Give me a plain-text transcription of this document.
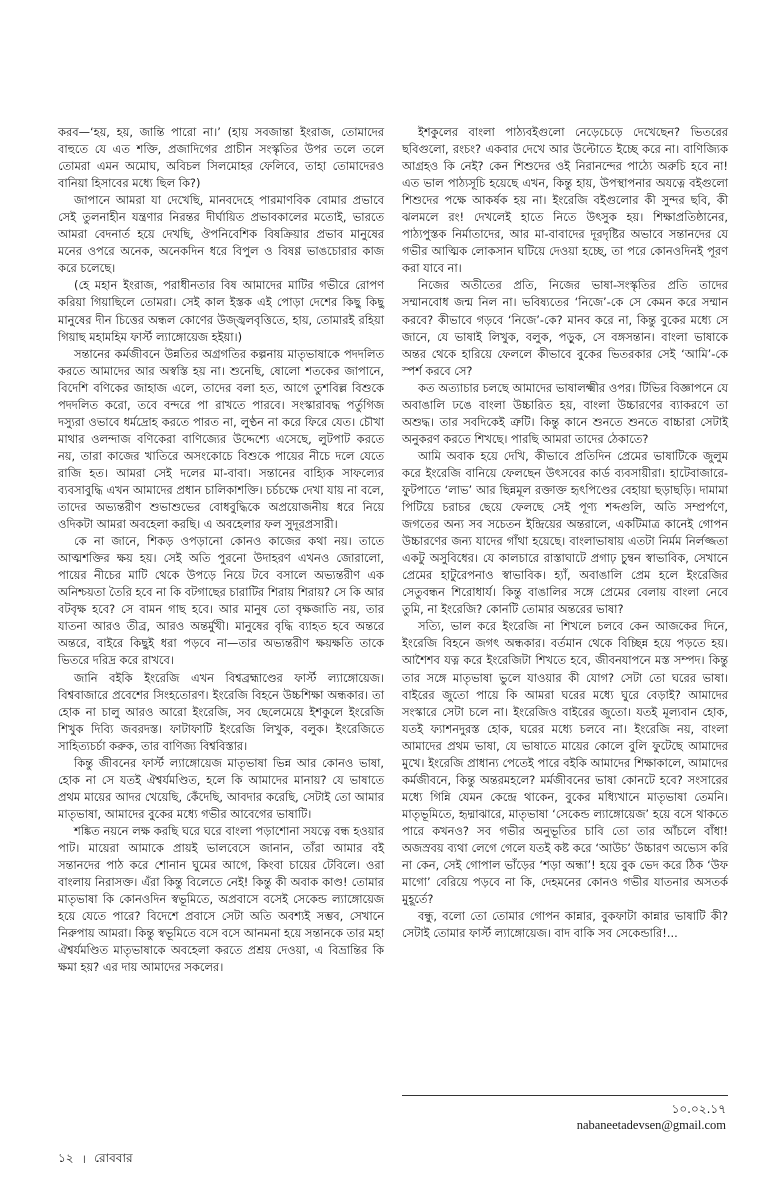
করব—‘হয়, হয়, জান্তি পারো না।’ (হায় সবজান্তা ইংরাজ, তোমাদের বাহুতে যে এত শক্তি, প্রজাদিগের প্রাচীন সংস্কৃতির উপর তলে তলে তোমরা এমন অমোঘ, অবিচল সিলমোহর ফেলিবে, তাহা তোমাদেরও বানিয়া হিসাবের মধ্যে ছিল কি?)

জাপানে আমরা যা দেখেছি, মানবদেহে পারমাণবিক বোমার প্রভাবে সেই তুলনাহীন যন্ত্রণার নিরন্তর দীর্ঘায়িত প্রভাবকালের মতোই, ভারতে আমরা বেদনার্ত হয়ে দেখছি, ঔপনিবেশিক বিষক্রিয়ার প্রভাব মানুষের মনের ওপরে অনেক, অনেকদিন ধরে বিপুল ও বিষণ্ণ ভাঙচোরার কাজ করে চলেছে।

(হে মহান ইংরাজ, পরাধীনতার বিষ আমাদের মাটির গভীরে রোপণ করিয়া গিয়াছিলে তোমরা। সেই কাল ইস্তক এই পোড়া দেশের কিছু কিছু মানুষের দীন চিত্তের অন্ধল কোণের উজ্জ্বলবৃত্তিতে, হায়, তোমারই রহিয়া গিয়াছ মহামহিম ফার্স্ট ল্যাঙ্গোয়েজ হইয়া।)

সন্তানের কর্মজীবনে উন্নতির অগ্রগতির কল্পনায় মাতৃভাষাকে পদদলিত করতে আমাদের আর অস্বস্তি হয় না। শুনেছি, ষোলো শতকের জাপানে, বিদেশি বণিকের জাহাজ এলে, তাদের বলা হত, আগে তুশবিল্ল বিশুকে পদদলিত করো, তবে বন্দরে পা রাখতে পারবে। সংস্কারাবদ্ধ পর্তুগিজ দস্যুরা ওভাবে ধর্মদ্রোহ করতে পারত না, লুণ্ঠন না করে ফিরে যেত। চৌখা মাথার ওলন্দাজ বণিকেরা বাণিজ্যের উদ্দেশ্যে এসেছে, লুটপাট করতে নয়, তারা কাজের খাতিরে অসংকোচে বিশুকে পায়ের নীচে দলে যেতে রাজি হত। আমরা সেই দলের মা-বাবা। সন্তানের বাহ্যিক সাফল্যের ব্যবসাবুদ্ধি এখন আমাদের প্রধান চালিকাশক্তি। চর্চচক্ষে দেখা যায় না বলে, তাদের অভ্যন্তরীণ শুভাশুভের বোধবুদ্ধিকে অপ্রয়োজনীয় ধরে নিয়ে ওদিকটা আমরা অবহেলা করছি। এ অবহেলার ফল সুদূরপ্রসারী।

কে না জানে, শিকড় ওপড়ানো কোনও কাজের কথা নয়। তাতে আত্মশক্তির ক্ষয় হয়। সেই অতি পুরনো উদাহরণ এখনও জোরালো, পায়ের নীচের মাটি থেকে উপড়ে নিয়ে টবে বসালে অভ্যন্তরীণ এক অনিশ্চয়তা তৈরি হবে না কি বটগাছের চারাটির শিরায় শিরায়? সে কি আর বটবৃক্ষ হবে? সে বামন গাছ হবে। আর মানুষ তো বৃক্ষজাতি নয়, তার যাতনা আরও তীব্র, আরও অন্তর্মুখী। মানুষের বৃদ্ধি ব্যাহত হবে অন্তরে অন্তরে, বাইরে কিছুই ধরা পড়বে না—তার অভ্যন্তরীণ ক্ষয়ক্ষতি তাকে ভিতরে দরিদ্র করে রাখবে।

জানি বইকি ইংরেজি এখন বিশ্বব্রহ্মাণ্ডের ফার্স্ট ল্যাঙ্গোয়েজ। বিশ্ববাজারে প্রবেশের সিংহতোরণ। ইংরেজি বিহনে উচ্চশিক্ষা অন্ধকার। তা হোক না চালু আরও আরো ইংরেজি, সব ছেলেমেয়ে ইশকুলে ইংরেজি শিখুক দিব্যি জবরদস্ত। ফাটাফাটি ইংরেজি লিখুক, বলুক। ইংরেজিতে সাহিত্যচর্চা করুক, তার বাণিজ্য বিশ্ববিস্তার।

কিন্তু জীবনের ফার্স্ট ল্যাঙ্গোয়েজ মাতৃভাষা ভিন্ন আর কোনও ভাষা, হোক না সে যতই ঐশ্বর্যমণ্ডিত, হলে কি আমাদের মানায়? যে ভাষাতে প্রথম মায়ের আদর খেয়েছি, কেঁদেছি, আবদার করেছি, সেটাই তো আমার মাতৃভাষা, আমাদের বুকের মধ্যে গভীর আবেগের ভাষাটি।

শঙ্কিত নয়নে লক্ষ করছি ঘরে ঘরে বাংলা পড়াশোনা সযত্নে বন্ধ হওয়ার পাট। মায়েরা আমাকে প্রায়ই ভালবেসে জানান, তাঁরা আমার বই সন্তানদের পাঠ করে শোনান ঘুমের আগে, কিংবা চায়ের টেবিলে। ওরা বাংলায় নিরাসক্ত। এঁরা কিন্তু বিলেতে নেই! কিন্তু কী অবাক কাণ্ড! তোমার মাতৃভাষা কি কোনওদিন স্বভূমিতে, অপ্রবাসে বসেই সেকেন্ড ল্যাঙ্গোয়েজ হয়ে যেতে পারে? বিদেশে প্রবাসে সেটা অতি অবশ্যই সম্ভব, সেখানে নিরুপায় আমরা। কিন্তু স্বভূমিতে বসে বসে আনমনা হয়ে সন্তানকে তার মহা ঐশ্বর্যমণ্ডিত মাতৃভাষাকে অবহেলা করতে প্রশ্রয় দেওয়া, এ বিভ্রান্তির কি ক্ষমা হয়? এর দায় আমাদের সকলের।

ইশকুলের বাংলা পাঠ্যবইগুলো নেড়েচেড়ে দেখেছেন? ভিতরের ছবিগুলো, রংচং? একবার দেখে আর উল্টোতে ইচ্ছে করে না। বাণিজ্যিক আগ্রহও কি নেই? কেন শিশুদের ওই নিরানন্দের পাঠ্যে অরুচি হবে না! এত ভাল পাঠ্যসূচি হয়েছে এখন, কিন্তু হায়, উপস্থাপনার অযত্নে বইগুলো শিশুদের পক্ষে আকর্ষক হয় না। ইংরেজি বইগুলোর কী সুন্দর ছবি, কী ঝলমলে রং! দেখলেই হাতে নিতে উৎসুক হয়। শিক্ষাপ্রতিষ্ঠানের, পাঠ্যপুস্তক নির্মাতাদের, আর মা-বাবাদের দূরদৃষ্টির অভাবে সন্তানদের যে গভীর আত্মিক লোকসান ঘটিয়ে দেওয়া হচ্ছে, তা পরে কোনওদিনই পূরণ করা যাবে না।

নিজের অতীতের প্রতি, নিজের ভাষা-সংস্কৃতির প্রতি তাদের সম্মানবোধ জন্ম নিল না। ভবিষ্যতের ‘নিজে’-কে সে কেমন করে সম্মান করবে? কীভাবে গড়বে ‘নিজে’-কে? মানব করে না, কিন্তু বুকের মধ্যে সে জানে, যে ভাষাই লিখুক, বলুক, পড়ুক, সে বঙ্গসন্তান। বাংলা ভাষাকে অন্তর থেকে হারিয়ে ফেললে কীভাবে বুকের ভিতরকার সেই ‘আমি’-কে স্পর্শ করবে সে?

কত অত্যাচার চলছে আমাদের ভাষালক্ষ্মীর ওপর। টিভির বিজ্ঞাপনে যে অবাঙালি ঢঙে বাংলা উচ্চারিত হয়, বাংলা উচ্চারণের ব্যাকরণে তা অশুদ্ধ। তার সবদিকেই ত্রুটি। কিন্তু কানে শুনতে শুনতে বাচ্চারা সেটাই অনুকরণ করতে শিখছে। পারছি আমরা তাদের ঠেকাতে?

আমি অবাক হয়ে দেখি, কীভাবে প্রতিদিন প্রেমের ভাষাটিকে জুলুম করে ইংরেজি বানিয়ে ফেলছেন উৎসবের কার্ড ব্যবসায়ীরা। হাটেবাজারে-ফুটপাতে ‘লাভ’ আর ছিন্নমূল রক্তাক্ত হৃৎপিণ্ডের বেহায়া ছড়াছড়ি। দামামা পিটিয়ে চরাচর ছেয়ে ফেলছে সেই পূণ্য শব্দগুলি, অতি সম্প্রর্পণে, জগতের অন্য সব সচেতন ইন্দ্রিয়ের অন্তরালে, একটিমাত্র কানেই গোপন উচ্চারণের জন্য যাদের গাঁথা হয়েছে। বাংলাভাষায় এতটা নির্মম নির্লজ্জতা একটু অসুবিধের। যে কালচারে রাস্তাঘাটে প্রগাঢ় চুম্বন স্বাভাবিক, সেখানে প্রেমের হাটুরেপনাও স্বাভাবিক। হ্যাঁ, অবাঙালি প্রেম হলে ইংরেজির সেতুবন্ধন শিরোধার্য। কিন্তু বাঙালির সঙ্গে প্রেমের বেলায় বাংলা নেবে তুমি, না ইংরেজি? কোনটি তোমার অন্তরের ভাষা?

সত্যি, ভাল করে ইংরেজি না শিখলে চলবে কেন আজকের দিনে, ইংরেজি বিহনে জগৎ অন্ধকার। বর্তমান থেকে বিচ্ছিন্ন হয়ে পড়তে হয়। আশৈশব যত্ন করে ইংরেজিটা শিখতে হবে, জীবনযাপনে মস্ত সম্পদ। কিন্তু তার সঙ্গে মাতৃভাষা ভুলে যাওয়ার কী যোগ? সেটা তো ঘরের ভাষা। বাইরের জুতো পায়ে কি আমরা ঘরের মধ্যে ঘুরে বেড়াই? আমাদের সংস্কারে সেটা চলে না। ইংরেজিও বাইরের জুতো। যতই মূল্যবান হোক, যতই ফ্যাশনদুরস্ত হোক, ঘরের মধ্যে চলবে না। ইংরেজি নয়, বাংলা আমাদের প্রথম ভাষা, যে ভাষাতে মায়ের কোলে বুলি ফুটেছে আমাদের মুখে। ইংরেজি প্রাধান্য পেতেই পারে বইকি আমাদের শিক্ষাকালে, আমাদের কর্মজীবনে, কিন্তু অন্তরমহলে? মর্মজীবনের ভাষা কোনটে হবে? সংসারের মধ্যে গিন্নি যেমন কেন্দ্রে থাকেন, বুকের মধ্যিখানে মাতৃভাষা তেমনি। মাতৃভূমিতে, হৃদ্মাঝারে, মাতৃভাষা ‘সেকেন্ড ল্যাঙ্গোয়েজ’ হয়ে বসে থাকতে পারে কখনও? সব গভীর অনুভূতির চাবি তো তার আঁচলে বাঁধা! অজস্রবয় ব্যথা লেগে গেলে যতই কষ্ট করে ‘আউচ’ উচ্চারণ অভ্যেস করি না কেন, সেই গোপাল ভাঁড়ের ‘শড়া অন্ধা’! হয়ে বুক ভেদ করে ঠিক ‘উফ মাগো’ বেরিয়ে পড়বে না কি, দেহমনের কোনও গভীর যাতনার অসতর্ক মুহূর্তে?

বন্ধু, বলো তো তোমার গোপন কান্নার, বুকফাটা কান্নার ভাষাটি কী? সেটাই তোমার ফার্স্ট ল্যাঙ্গোয়েজ। বাদ বাকি সব সেকেন্ডারি!...

১০.০২.১৭
nabaneetadevsen@gmail.com
১২ । রোববার
